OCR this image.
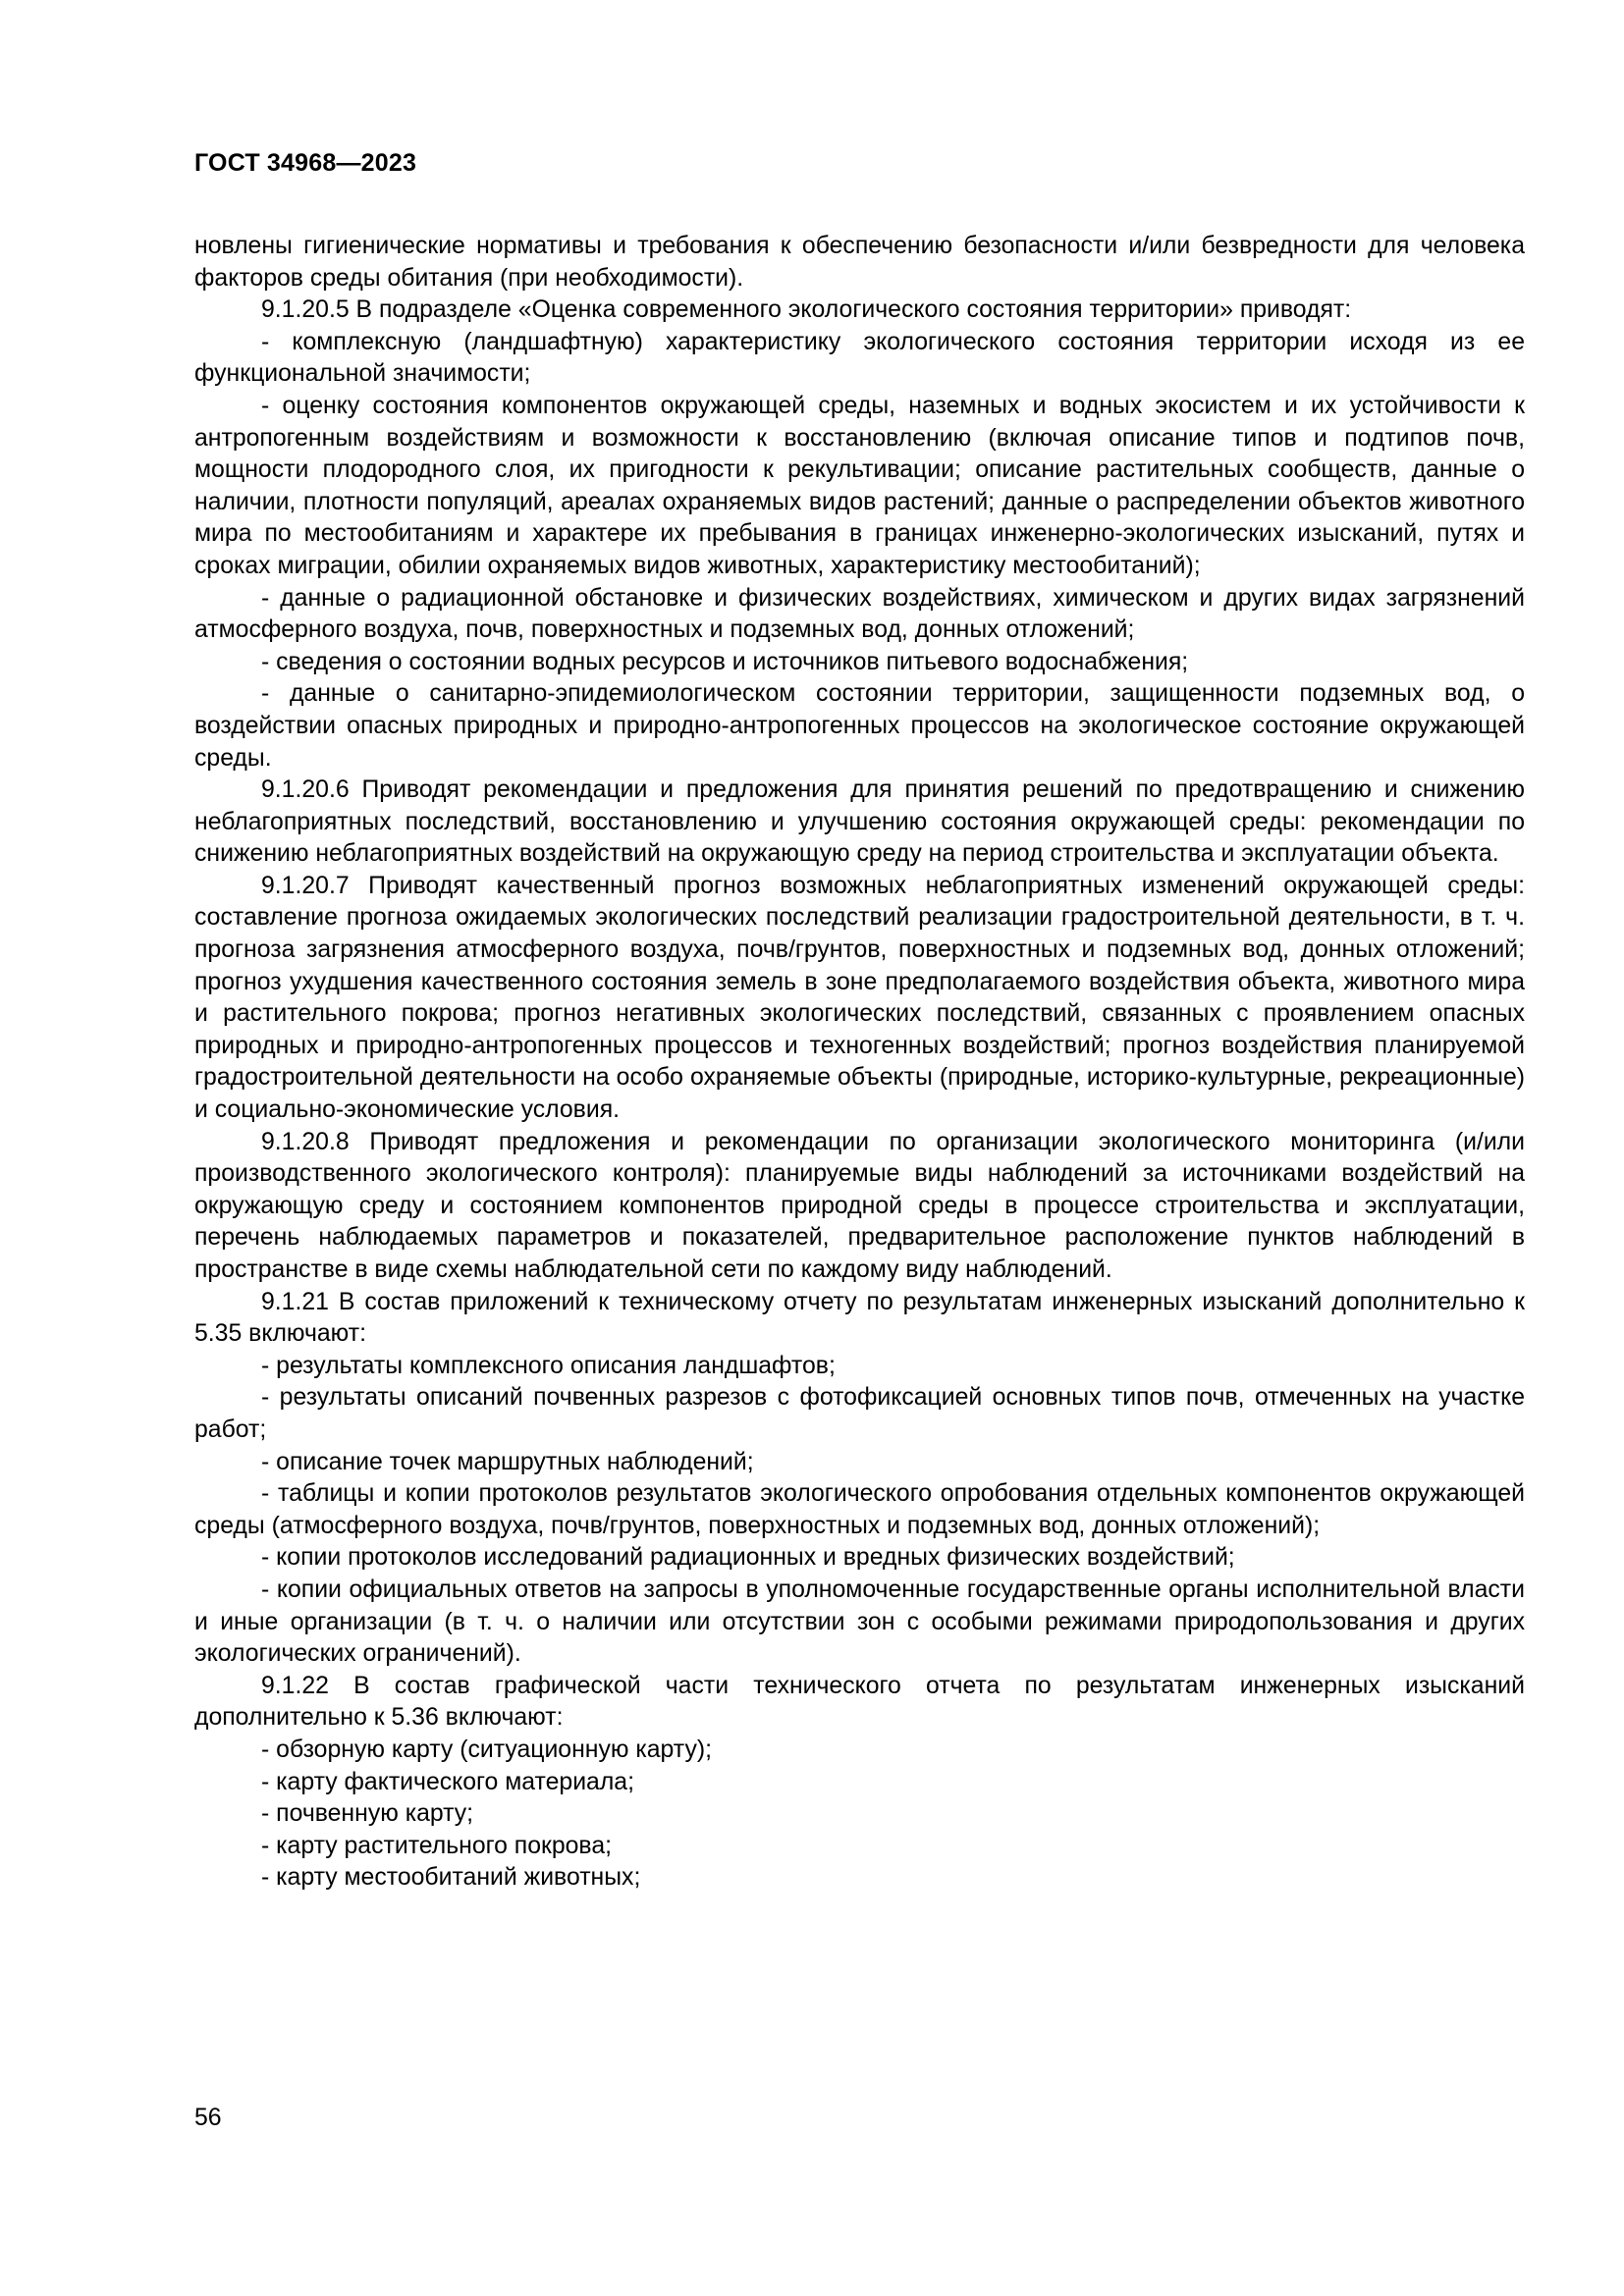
ГОСТ 34968—2023

новлены гигиенические нормативы и требования к обеспечению безопасности и/или безвредности для человека факторов среды обитания (при необходимости).

9.1.20.5 В подразделе «Оценка современного экологического состояния территории» приводят:

- комплексную (ландшафтную) характеристику экологического состояния территории исходя из ее функциональной значимости;

- оценку состояния компонентов окружающей среды, наземных и водных экосистем и их устойчивости к антропогенным воздействиям и возможности к восстановлению (включая описание типов и подтипов почв, мощности плодородного слоя, их пригодности к рекультивации; описание растительных сообществ, данные о наличии, плотности популяций, ареалах охраняемых видов растений; данные о распределении объектов животного мира по местообитаниям и характере их пребывания в границах инженерно-экологических изысканий, путях и сроках миграции, обилии охраняемых видов животных, характеристику местообитаний);

- данные о радиационной обстановке и физических воздействиях, химическом и других видах загрязнений атмосферного воздуха, почв, поверхностных и подземных вод, донных отложений;

- сведения о состоянии водных ресурсов и источников питьевого водоснабжения;

- данные о санитарно-эпидемиологическом состоянии территории, защищенности подземных вод, о воздействии опасных природных и природно-антропогенных процессов на экологическое состояние окружающей среды.

9.1.20.6 Приводят рекомендации и предложения для принятия решений по предотвращению и снижению неблагоприятных последствий, восстановлению и улучшению состояния окружающей среды: рекомендации по снижению неблагоприятных воздействий на окружающую среду на период строительства и эксплуатации объекта.

9.1.20.7 Приводят качественный прогноз возможных неблагоприятных изменений окружающей среды: составление прогноза ожидаемых экологических последствий реализации градостроительной деятельности, в т. ч. прогноза загрязнения атмосферного воздуха, почв/грунтов, поверхностных и подземных вод, донных отложений; прогноз ухудшения качественного состояния земель в зоне предполагаемого воздействия объекта, животного мира и растительного покрова; прогноз негативных экологических последствий, связанных с проявлением опасных природных и природно-антропогенных процессов и техногенных воздействий; прогноз воздействия планируемой градостроительной деятельности на особо охраняемые объекты (природные, историко-культурные, рекреационные) и социально-экономические условия.

9.1.20.8 Приводят предложения и рекомендации по организации экологического мониторинга (и/или производственного экологического контроля): планируемые виды наблюдений за источниками воздействий на окружающую среду и состоянием компонентов природной среды в процессе строительства и эксплуатации, перечень наблюдаемых параметров и показателей, предварительное расположение пунктов наблюдений в пространстве в виде схемы наблюдательной сети по каждому виду наблюдений.

9.1.21 В состав приложений к техническому отчету по результатам инженерных изысканий дополнительно к 5.35 включают:

- результаты комплексного описания ландшафтов;

- результаты описаний почвенных разрезов с фотофиксацией основных типов почв, отмеченных на участке работ;

- описание точек маршрутных наблюдений;

- таблицы и копии протоколов результатов экологического опробования отдельных компонентов окружающей среды (атмосферного воздуха, почв/грунтов, поверхностных и подземных вод, донных отложений);

- копии протоколов исследований радиационных и вредных физических воздействий;

- копии официальных ответов на запросы в уполномоченные государственные органы исполнительной власти и иные организации (в т. ч. о наличии или отсутствии зон с особыми режимами природопользования и других экологических ограничений).

9.1.22 В состав графической части технического отчета по результатам инженерных изысканий дополнительно к 5.36 включают:

- обзорную карту (ситуационную карту);

- карту фактического материала;

- почвенную карту;

- карту растительного покрова;

- карту местообитаний животных;

56
